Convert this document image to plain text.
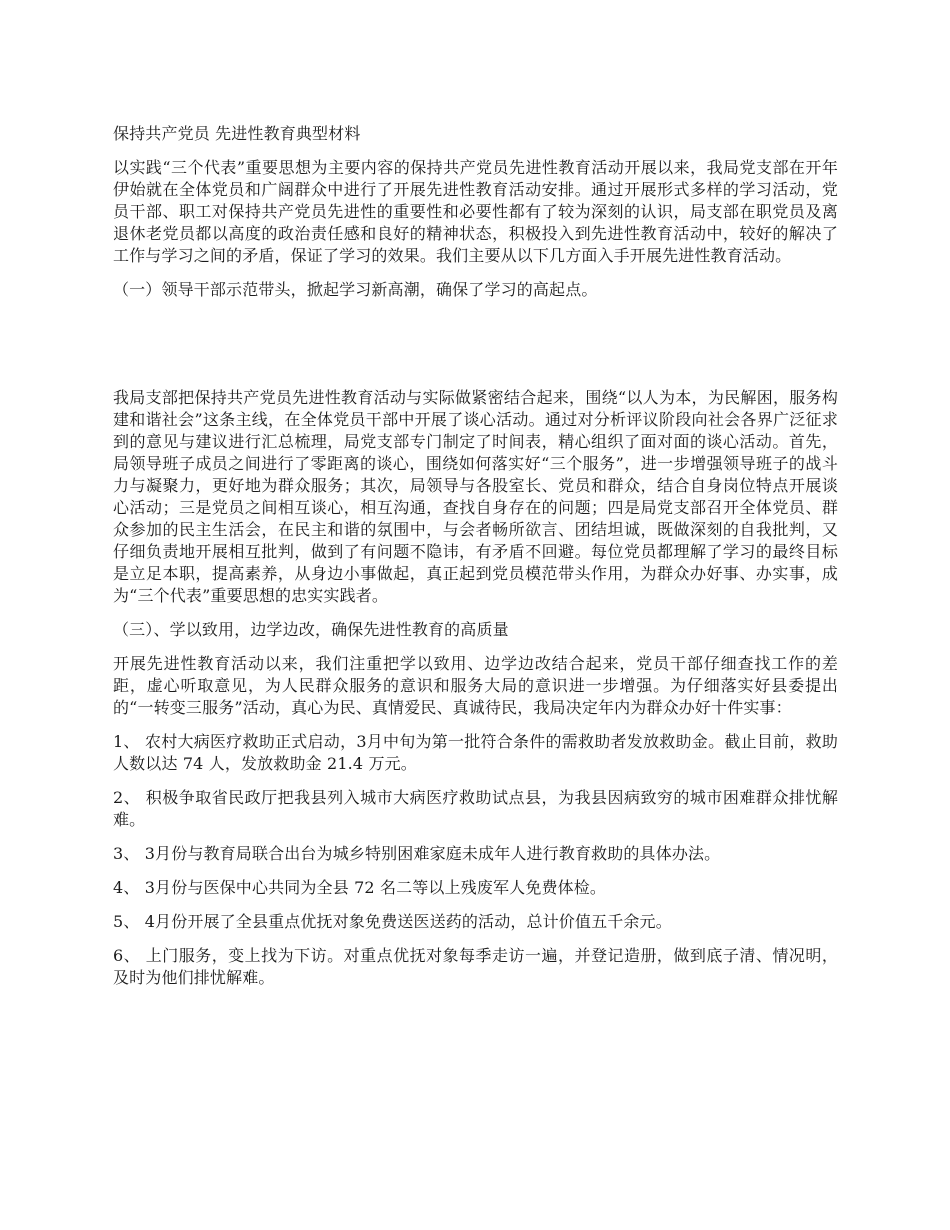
保持共产党员 先进性教育典型材料

以实践“三个代表”重要思想为主要内容的保持共产党员先进性教育活动开展以来，我局党支部在开年伊始就在全体党员和广阔群众中进行了开展先进性教育活动安排。通过开展形式多样的学习活动，党员干部、职工对保持共产党员先进性的重要性和必要性都有了较为深刻的认识，局支部在职党员及离退休老党员都以高度的政治责任感和良好的精神状态，积极投入到先进性教育活动中，较好的解决了工作与学习之间的矛盾，保证了学习的效果。我们主要从以下几方面入手开展先进性教育活动。

（一）领导干部示范带头，掀起学习新高潮，确保了学习的高起点。

我局支部把保持共产党员先进性教育活动与实际做紧密结合起来，围绕“以人为本，为民解困，服务构建和谐社会”这条主线，在全体党员干部中开展了谈心活动。通过对分析评议阶段向社会各界广泛征求到的意见与建议进行汇总梳理，局党支部专门制定了时间表，精心组织了面对面的谈心活动。首先，局领导班子成员之间进行了零距离的谈心，围绕如何落实好“三个服务”，进一步增强领导班子的战斗力与凝聚力，更好地为群众服务；其次，局领导与各股室长、党员和群众，结合自身岗位特点开展谈心活动；三是党员之间相互谈心，相互沟通，查找自身存在的问题；四是局党支部召开全体党员、群众参加的民主生活会，在民主和谐的氛围中，与会者畅所欲言、团结坦诚，既做深刻的自我批判，又仔细负责地开展相互批判，做到了有问题不隐讳，有矛盾不回避。每位党员都理解了学习的最终目标是立足本职，提高素养，从身边小事做起，真正起到党员模范带头作用，为群众办好事、办实事，成为“三个代表”重要思想的忠实实践者。

（三）、学以致用，边学边改，确保先进性教育的高质量

开展先进性教育活动以来，我们注重把学以致用、边学边改结合起来，党员干部仔细查找工作的差距，虚心听取意见，为人民群众服务的意识和服务大局的意识进一步增强。为仔细落实好县委提出的“一转变三服务”活动，真心为民、真情爱民、真诚待民，我局决定年内为群众办好十件实事：

1、 农村大病医疗救助正式启动，3月中旬为第一批符合条件的需救助者发放救助金。截止目前，救助人数以达 74 人，发放救助金 21.4 万元。

2、 积极争取省民政厅把我县列入城市大病医疗救助试点县，为我县因病致穷的城市困难群众排忧解难。

3、 3月份与教育局联合出台为城乡特别困难家庭未成年人进行教育救助的具体办法。

4、 3月份与医保中心共同为全县 72 名二等以上残废军人免费体检。

5、 4月份开展了全县重点优抚对象免费送医送药的活动，总计价值五千余元。

6、 上门服务，变上找为下访。对重点优抚对象每季走访一遍，并登记造册，做到底子清、情况明，及时为他们排忧解难。
